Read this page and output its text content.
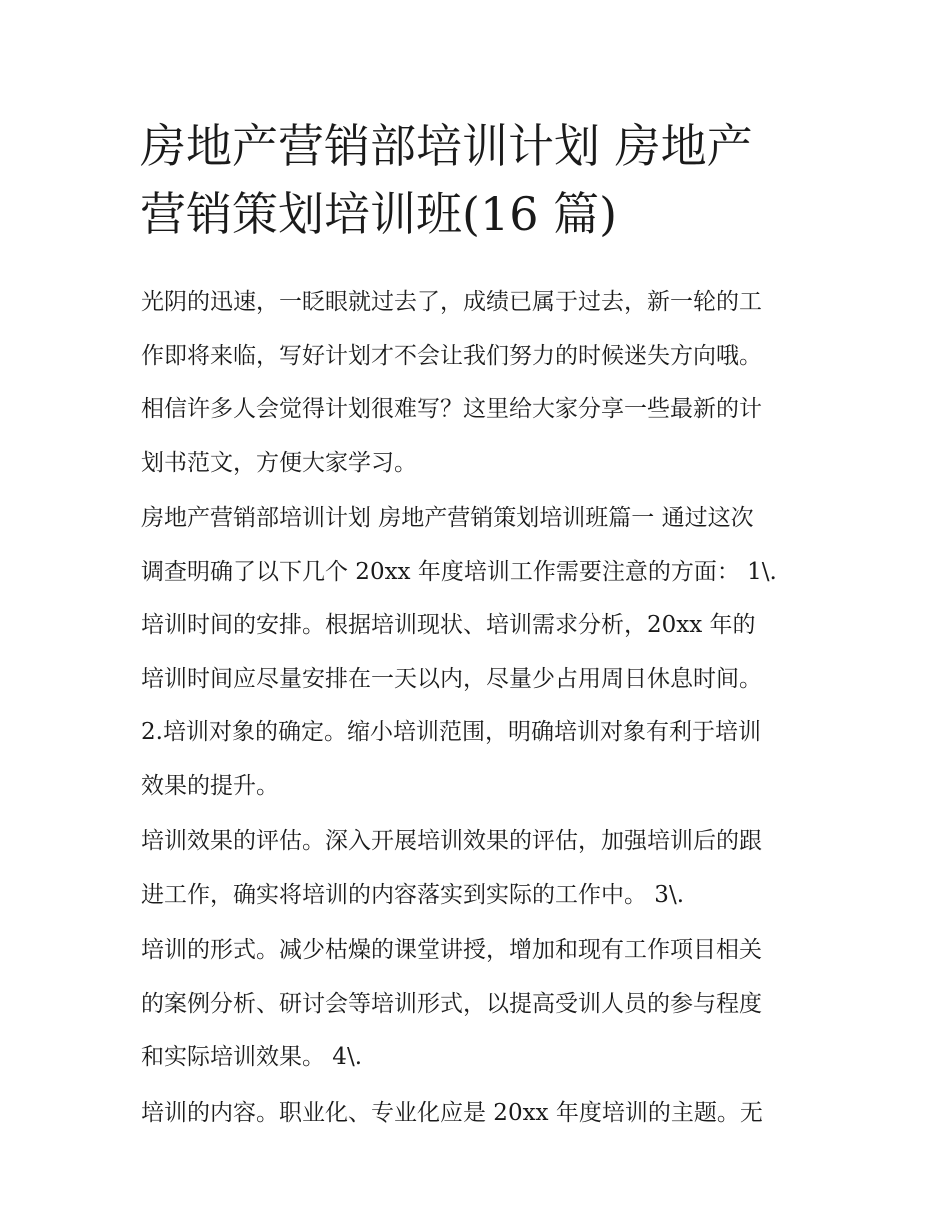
房地产营销部培训计划 房地产
营销策划培训班(16 篇)

光阴的迅速，一眨眼就过去了，成绩已属于过去，新一轮的工
作即将来临，写好计划才不会让我们努力的时候迷失方向哦。
相信许多人会觉得计划很难写？这里给大家分享一些最新的计
划书范文，方便大家学习。

房地产营销部培训计划 房地产营销策划培训班篇一 通过这次
调查明确了以下几个 20xx 年度培训工作需要注意的方面： 1\.
培训时间的安排。根据培训现状、培训需求分析，20xx 年的
培训时间应尽量安排在一天以内，尽量少占用周日休息时间。
2.培训对象的确定。缩小培训范围，明确培训对象有利于培训
效果的提升。

培训效果的评估。深入开展培训效果的评估，加强培训后的跟
进工作，确实将培训的内容落实到实际的工作中。 3\.

培训的形式。减少枯燥的课堂讲授，增加和现有工作项目相关
的案例分析、研讨会等培训形式，以提高受训人员的参与程度
和实际培训效果。 4\.

培训的内容。职业化、专业化应是 20xx 年度培训的主题。无
